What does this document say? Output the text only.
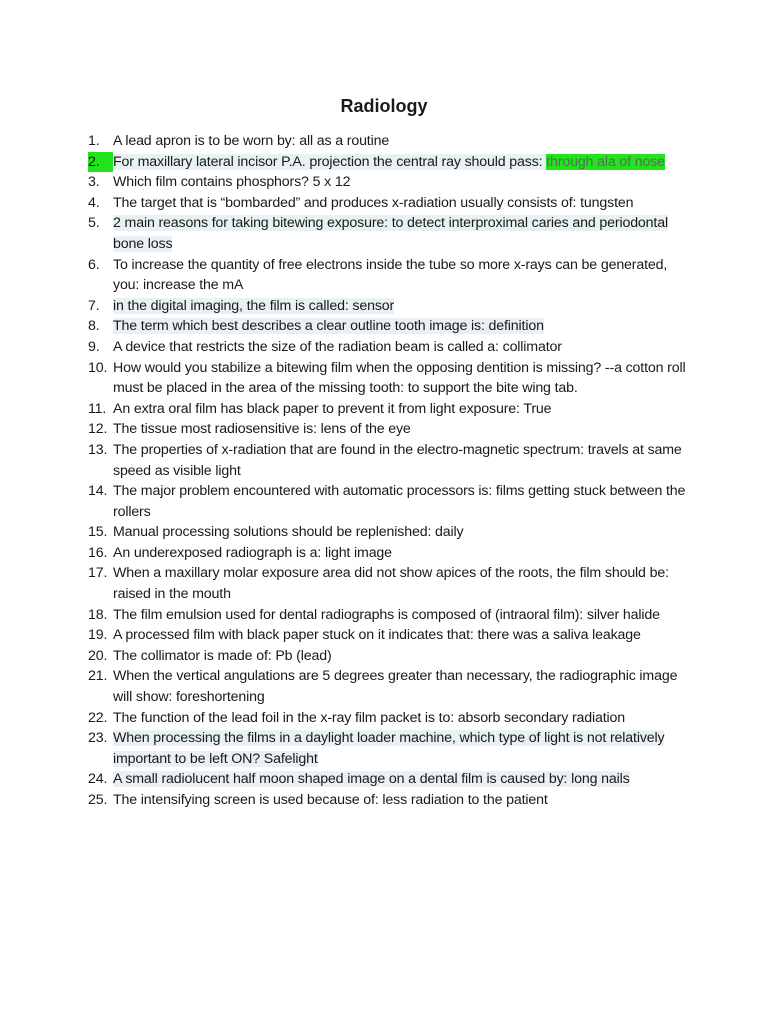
Radiology
1. A lead apron is to be worn by: all as a routine
2. For maxillary lateral incisor P.A. projection the central ray should pass: through ala of nose
3. Which film contains phosphors? 5 x 12
4. The target that is “bombarded” and produces x-radiation usually consists of: tungsten
5. 2 main reasons for taking bitewing exposure: to detect interproximal caries and periodontal bone loss
6. To increase the quantity of free electrons inside the tube so more x-rays can be generated, you: increase the mA
7. in the digital imaging, the film is called: sensor
8. The term which best describes a clear outline tooth image is: definition
9. A device that restricts the size of the radiation beam is called a: collimator
10. How would you stabilize a bitewing film when the opposing dentition is missing? --a cotton roll must be placed in the area of the missing tooth: to support the bite wing tab.
11. An extra oral film has black paper to prevent it from light exposure: True
12. The tissue most radiosensitive is: lens of the eye
13. The properties of x-radiation that are found in the electro-magnetic spectrum: travels at same speed as visible light
14. The major problem encountered with automatic processors is: films getting stuck between the rollers
15. Manual processing solutions should be replenished: daily
16. An underexposed radiograph is a: light image
17. When a maxillary molar exposure area did not show apices of the roots, the film should be: raised in the mouth
18. The film emulsion used for dental radiographs is composed of (intraoral film): silver halide
19. A processed film with black paper stuck on it indicates that: there was a saliva leakage
20. The collimator is made of: Pb (lead)
21. When the vertical angulations are 5 degrees greater than necessary, the radiographic image will show: foreshortening
22. The function of the lead foil in the x-ray film packet is to: absorb secondary radiation
23. When processing the films in a daylight loader machine, which type of light is not relatively important to be left ON? Safelight
24. A small radiolucent half moon shaped image on a dental film is caused by: long nails
25. The intensifying screen is used because of: less radiation to the patient
